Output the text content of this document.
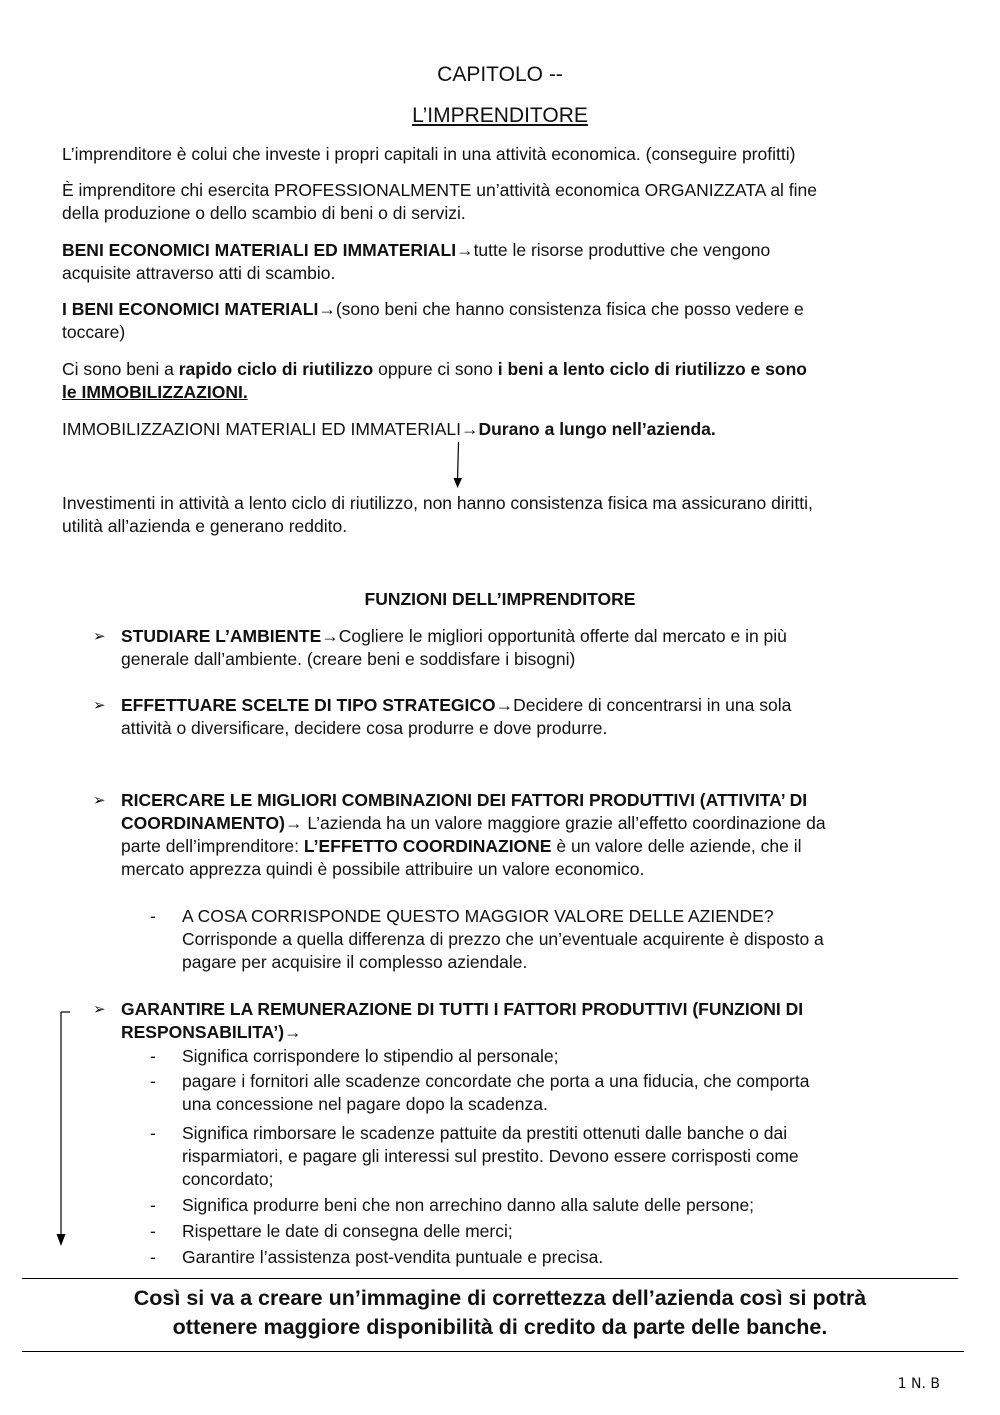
CAPITOLO --
L’IMPRENDITORE
L’imprenditore è colui che investe i propri capitali in una attività economica. (conseguire profitti)
È imprenditore chi esercita PROFESSIONALMENTE un’attività economica ORGANIZZATA al fine
della produzione o dello scambio di beni o di servizi.
BENI ECONOMICI MATERIALI ED IMMATERIALI→tutte le risorse produttive che vengono
acquisite attraverso atti di scambio.
I BENI ECONOMICI MATERIALI→(sono beni che hanno consistenza fisica che posso vedere e
toccare)
Ci sono beni a rapido ciclo di riutilizzo oppure ci sono i beni a lento ciclo di riutilizzo e sono
le IMMOBILIZZAZIONI.
IMMOBILIZZAZIONI MATERIALI ED IMMATERIALI→Durano a lungo nell’azienda.
Investimenti in attività a lento ciclo di riutilizzo, non hanno consistenza fisica ma assicurano diritti,
utilità all’azienda e generano reddito.
FUNZIONI DELL’IMPRENDITORE
➢ STUDIARE L’AMBIENTE→Cogliere le migliori opportunità offerte dal mercato e in più
generale dall’ambiente. (creare beni e soddisfare i bisogni)
➢ EFFETTUARE SCELTE DI TIPO STRATEGICO→Decidere di concentrarsi in una sola
attività o diversificare, decidere cosa produrre e dove produrre.
➢ RICERCARE LE MIGLIORI COMBINAZIONI DEI FATTORI PRODUTTIVI (ATTIVITA’ DI
COORDINAMENTO)→ L’azienda ha un valore maggiore grazie all’effetto coordinazione da
parte dell’imprenditore: L’EFFETTO COORDINAZIONE è un valore delle aziende, che il
mercato apprezza quindi è possibile attribuire un valore economico.
- A COSA CORRISPONDE QUESTO MAGGIOR VALORE DELLE AZIENDE?
Corrisponde a quella differenza di prezzo che un’eventuale acquirente è disposto a
pagare per acquisire il complesso aziendale.
➢ GARANTIRE LA REMUNERAZIONE DI TUTTI I FATTORI PRODUTTIVI (FUNZIONI DI
RESPONSABILITA’)→
- Significa corrispondere lo stipendio al personale;
- pagare i fornitori alle scadenze concordate che porta a una fiducia, che comporta
una concessione nel pagare dopo la scadenza.
- Significa rimborsare le scadenze pattuite da prestiti ottenuti dalle banche o dai
risparmiatori, e pagare gli interessi sul prestito. Devono essere corrisposti come
concordato;
- Significa produrre beni che non arrechino danno alla salute delle persone;
- Rispettare le date di consegna delle merci;
- Garantire l’assistenza post-vendita puntuale e precisa.
Così si va a creare un’immagine di correttezza dell’azienda così si potrà
ottenere maggiore disponibilità di credito da parte delle banche.
1 N. B
